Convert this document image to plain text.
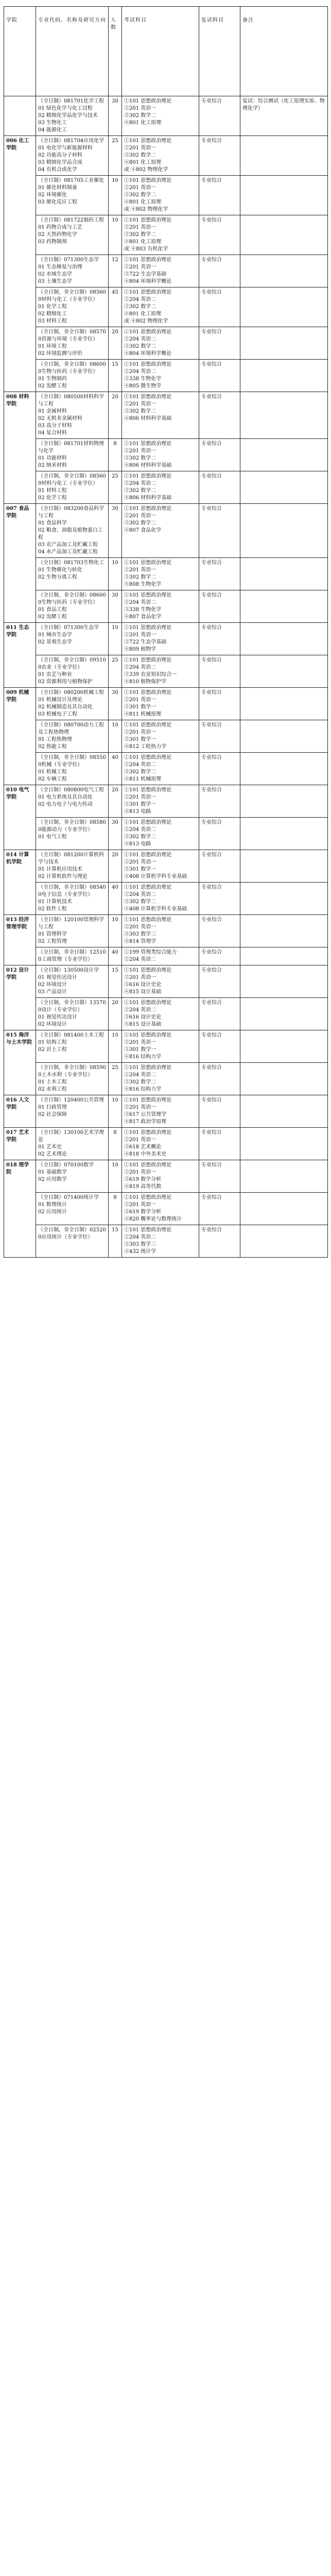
学院	专业代码、名称及研究方向	人数	考试科目	复试科目	备注

	（全日制）081701化学工程
01 绿色化学与化工过程
02 精细化学品化学与技术
03 生物化工
04 能源化工	30	①101 思想政治理论
②201 英语一
③302 数学二
④801 化工原理	专业综合	复试：综合测试（化工原理实验、物理化学）
006 化工学院	（全日制）081704应用化学
01 电化学与新能源材料
02 功能高分子材料
03 精细化学品合成
04 有机合成化学	25	①101 思想政治理论
②201 英语一
③302 数学二
④801 化工原理
或 ④802 物理化学	专业综合	

	（全日制）081705工业催化
01 催化材料制备
02 环境催化
03 催化反应工程	10	①101 思想政治理论
②201 英语一
③302 数学二
④801 化工原理
或 ④802 物理化学	专业综合	

	（全日制）081722制药工程
01 药物合成与工艺
02 天然药物化学
03 药物制剂	10	①101 思想政治理论
②201 英语一
③302 数学二
④801 化工原理
或 ④803 有机化学	专业综合	

	（全日制）071300生态学
01 生态修复与治理
02 水域生态学
03 土壤生态学	12	①101 思想政治理论
②201 英语一
③722 生态学基础
④804 环境科学概论	专业综合	

	（全日制，非全日制）085600材料与化工（专业学位）
01 化学工程
02 精细化工
03 材料工程	45	①101 思想政治理论
②204 英语二
③302 数学二
④801 化工原理
或 ④802 物理化学	专业综合	

	（全日制，非全日制）085700资源与环境（专业学位）
01 环境工程
02 环境监测与评价	20	①101 思想政治理论
②204 英语二
③302 数学二
④804 环境科学概论	专业综合	

	（全日制，非全日制）086000生物与医药（专业学位）
01 生物制药
02 发酵工程	15	①101 思想政治理论
②204 英语二
③338 生物化学
④805 微生物学	专业综合	
008 材料学院	（全日制）080500材料科学与工程
01 金属材料
02 无机非金属材料
03 高分子材料
04 复合材料	20	①101 思想政治理论
②201 英语一
③302 数学二
④806 材料科学基础	专业综合	

	（全日制）081701材料物理与化学
01 功能材料
02 纳米材料	8	①101 思想政治理论
②201 英语一
③302 数学二
④806 材料科学基础	专业综合	

	（全日制，非全日制）085600材料与化工（专业学位）
01 材料工程
02 化学工程	25	①101 思想政治理论
②204 英语二
③302 数学二
④806 材料科学基础	专业综合	
007 食品学院	（全日制）083200食品科学与工程
01 食品科学
02 粮食、油脂及植物蛋白工程
03 农产品加工及贮藏工程
04 水产品加工及贮藏工程	30	①101 思想政治理论
②201 英语一
③302 数学二
④807 食品化学	专业综合	

	（全日制）081703生物化工
01 生物催化与转化
02 生物分离工程	10	①101 思想政治理论
②201 英语一
③302 数学二
④808 生物化学	专业综合	

	（全日制，非全日制）086000生物与医药（专业学位）
01 食品工程
02 发酵工程	30	①101 思想政治理论
②204 英语二
③338 生物化学
④807 食品化学	专业综合	
011 生态学院	（全日制）071300生态学
01 城市生态学
02 景观生态学	10	①101 思想政治理论
②201 英语一
③722 生态学基础
④809 植物学	专业综合	

	（全日制，非全日制）095100农业（专业学位）
01 农艺与种业
02 资源利用与植物保护	25	①101 思想政治理论
②204 英语二
③339 农业知识综合一
④810 植物保护学	专业综合	
009 机械学院	（全日制）080200机械工程
01 机械设计及理论
02 机械制造及其自动化
03 机械电子工程	30	①101 思想政治理论
②201 英语一
③301 数学一
④811 机械原理	专业综合	

	（全日制）080700动力工程及工程热物理
01 工程热物理
02 热能工程	10	①101 思想政治理论
②201 英语一
③301 数学一
④812 工程热力学	专业综合	

	（全日制，非全日制）085500机械（专业学位）
01 机械工程
02 车辆工程	40	①101 思想政治理论
②204 英语二
③302 数学二
④811 机械原理	专业综合	
010 电气学院	（全日制）080800电气工程
01 电力系统及其自动化
02 电力电子与电力传动	20	①101 思想政治理论
②201 英语一
③301 数学一
④813 电路	专业综合	

	（全日制，非全日制）085800能源动力（专业学位）
01 电气工程	30	①101 思想政治理论
②204 英语二
③302 数学二
④813 电路	专业综合	
014 计算机学院	（全日制）081200计算机科学与技术
01 计算机应用技术
02 计算机软件与理论	20	①101 思想政治理论
②201 英语一
③301 数学一
④408 计算机学科专业基础	专业综合	

	（全日制，非全日制）085400电子信息（专业学位）
01 计算机技术
02 软件工程	40	①101 思想政治理论
②204 英语二
③302 数学二
④408 计算机学科专业基础	专业综合	
013 经济管理学院	（全日制）120100管理科学与工程
01 管理科学
02 工程管理	10	①101 思想政治理论
②201 英语一
③303 数学三
④814 管理学	专业综合	

	（全日制，非全日制）125100工商管理（专业学位）	40	①199 管理类综合能力
②204 英语二	专业综合	
012 设计学院	（全日制）130500设计学
01 视觉传达设计
02 环境设计
03 产品设计	15	①101 思想政治理论
②201 英语一
③616 设计史论
④815 设计基础	专业综合	

	（全日制，非全日制）135700设计（专业学位）
01 视觉传达设计
02 环境设计	20	①101 思想政治理论
②204 英语二
③616 设计史论
④815 设计基础	专业综合	
015 海洋与土木学院	（全日制）081400土木工程
01 结构工程
02 岩土工程	10	①101 思想政治理论
②201 英语一
③301 数学一
④816 结构力学	专业综合	

	（全日制，非全日制）085900土木水利（专业学位）
01 土木工程
02 水利工程	25	①101 思想政治理论
②204 英语二
③302 数学二
④816 结构力学	专业综合	
016 人文学院	（全日制）120400公共管理
01 行政管理
02 社会保障	10	①101 思想政治理论
②201 英语一
③617 公共管理学
④817 政治学原理	专业综合	
017 艺术学院	（全日制）130100艺术学理论
01 艺术史
02 艺术理论	8	①101 思想政治理论
②201 英语一
③618 艺术概论
④818 中外美术史	专业综合	
018 理学院	（全日制）070100数学
01 基础数学
02 应用数学	10	①101 思想政治理论
②201 英语一
③619 数学分析
④819 高等代数	专业综合	

	（全日制）071400统计学
01 数理统计
02 应用统计	8	①101 思想政治理论
②201 英语一
③619 数学分析
④820 概率论与数理统计	专业综合	

	（全日制，非全日制）025200应用统计（专业学位）	15	①101 思想政治理论
②204 英语二
③303 数学三
④432 统计学	专业综合	
